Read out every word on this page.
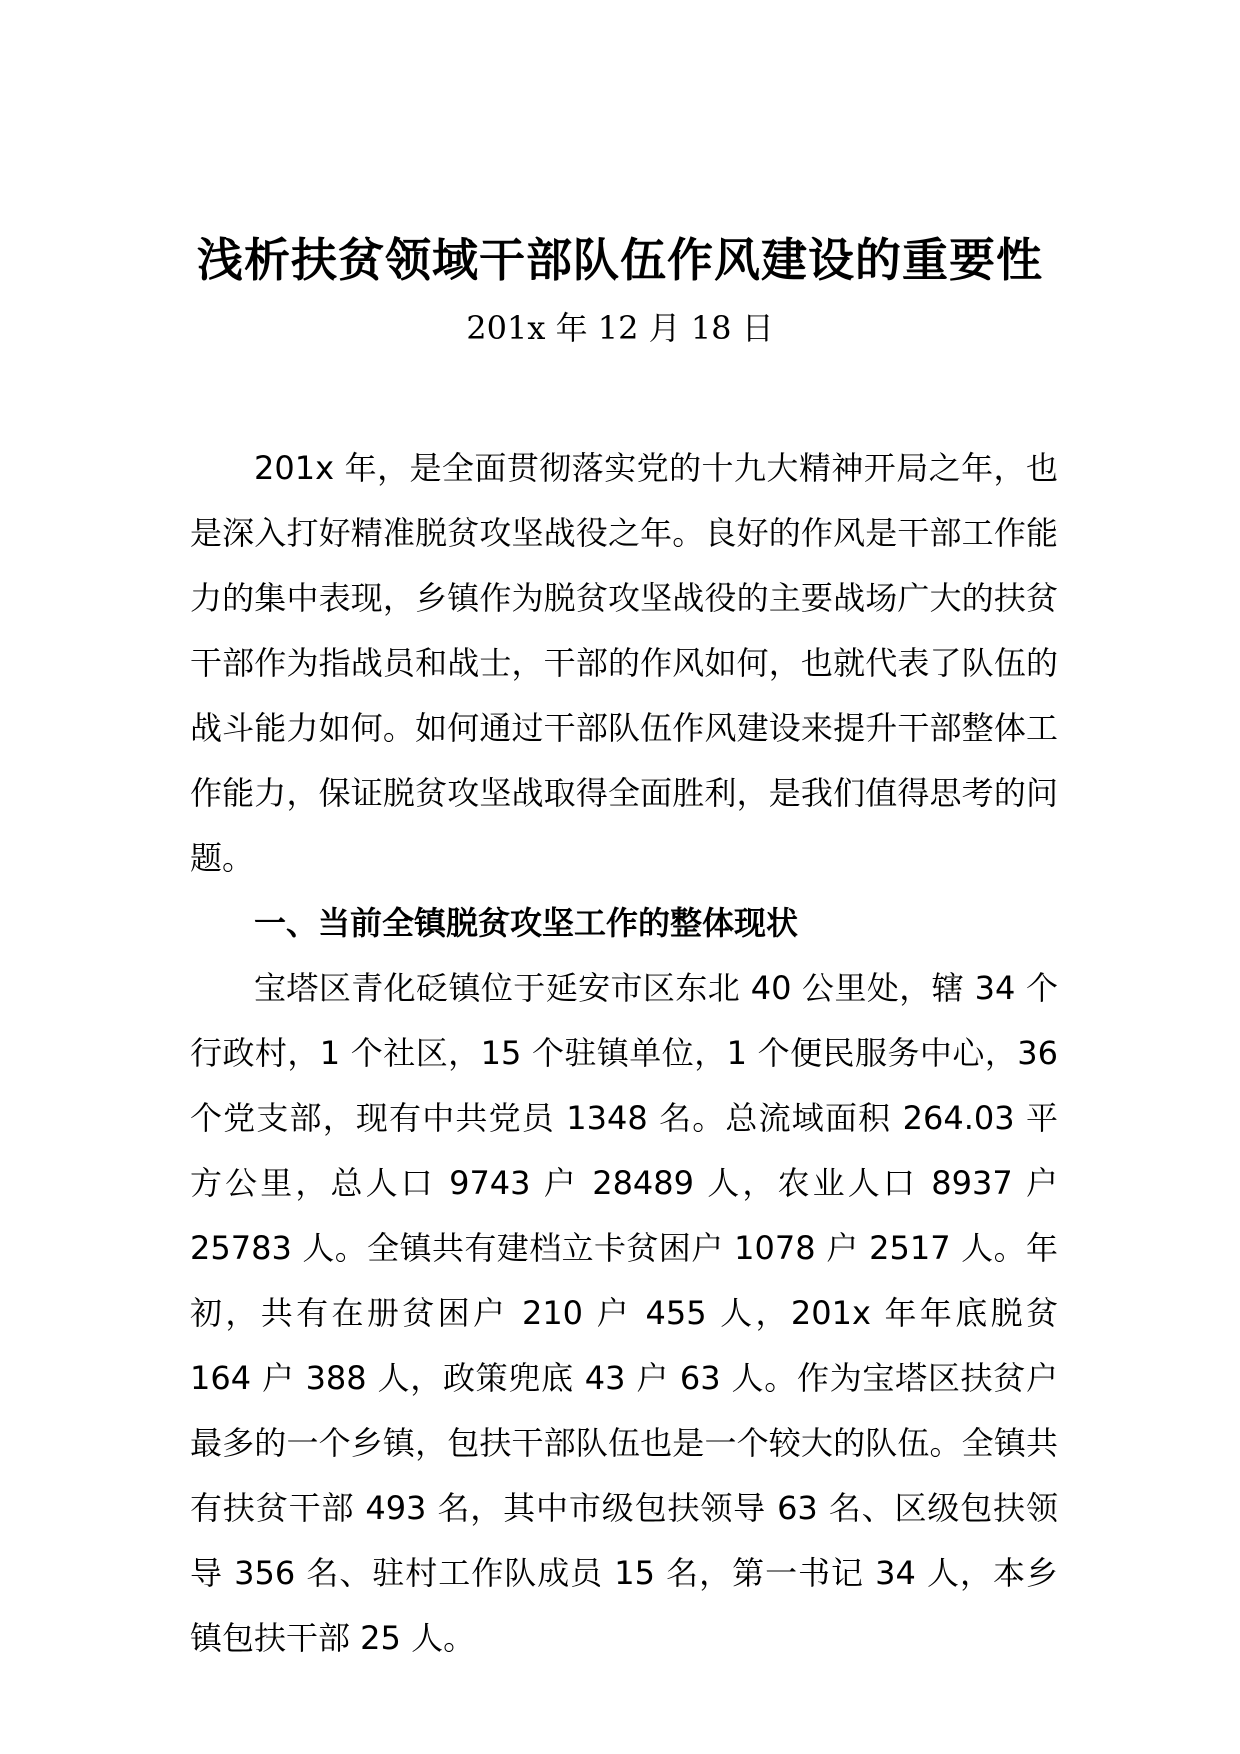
浅析扶贫领域干部队伍作风建设的重要性
201x 年 12 月 18 日

201x 年，是全面贯彻落实党的十九大精神开局之年，也是深入打好精准脱贫攻坚战役之年。良好的作风是干部工作能力的集中表现，乡镇作为脱贫攻坚战役的主要战场广大的扶贫干部作为指战员和战士，干部的作风如何，也就代表了队伍的战斗能力如何。如何通过干部队伍作风建设来提升干部整体工作能力，保证脱贫攻坚战取得全面胜利，是我们值得思考的问题。

一、当前全镇脱贫攻坚工作的整体现状

宝塔区青化砭镇位于延安市区东北 40 公里处，辖 34 个行政村，1 个社区，15 个驻镇单位，1 个便民服务中心，36 个党支部，现有中共党员 1348 名。总流域面积 264.03 平方公里，总人口 9743 户 28489 人，农业人口 8937 户 25783 人。全镇共有建档立卡贫困户 1078 户 2517 人。年初，共有在册贫困户 210 户 455 人，201x 年年底脱贫 164 户 388 人，政策兜底 43 户 63 人。作为宝塔区扶贫户最多的一个乡镇，包扶干部队伍也是一个较大的队伍。全镇共有扶贫干部 493 名，其中市级包扶领导 63 名、区级包扶领导 356 名、驻村工作队成员 15 名，第一书记 34 人，本乡镇包扶干部 25 人。
